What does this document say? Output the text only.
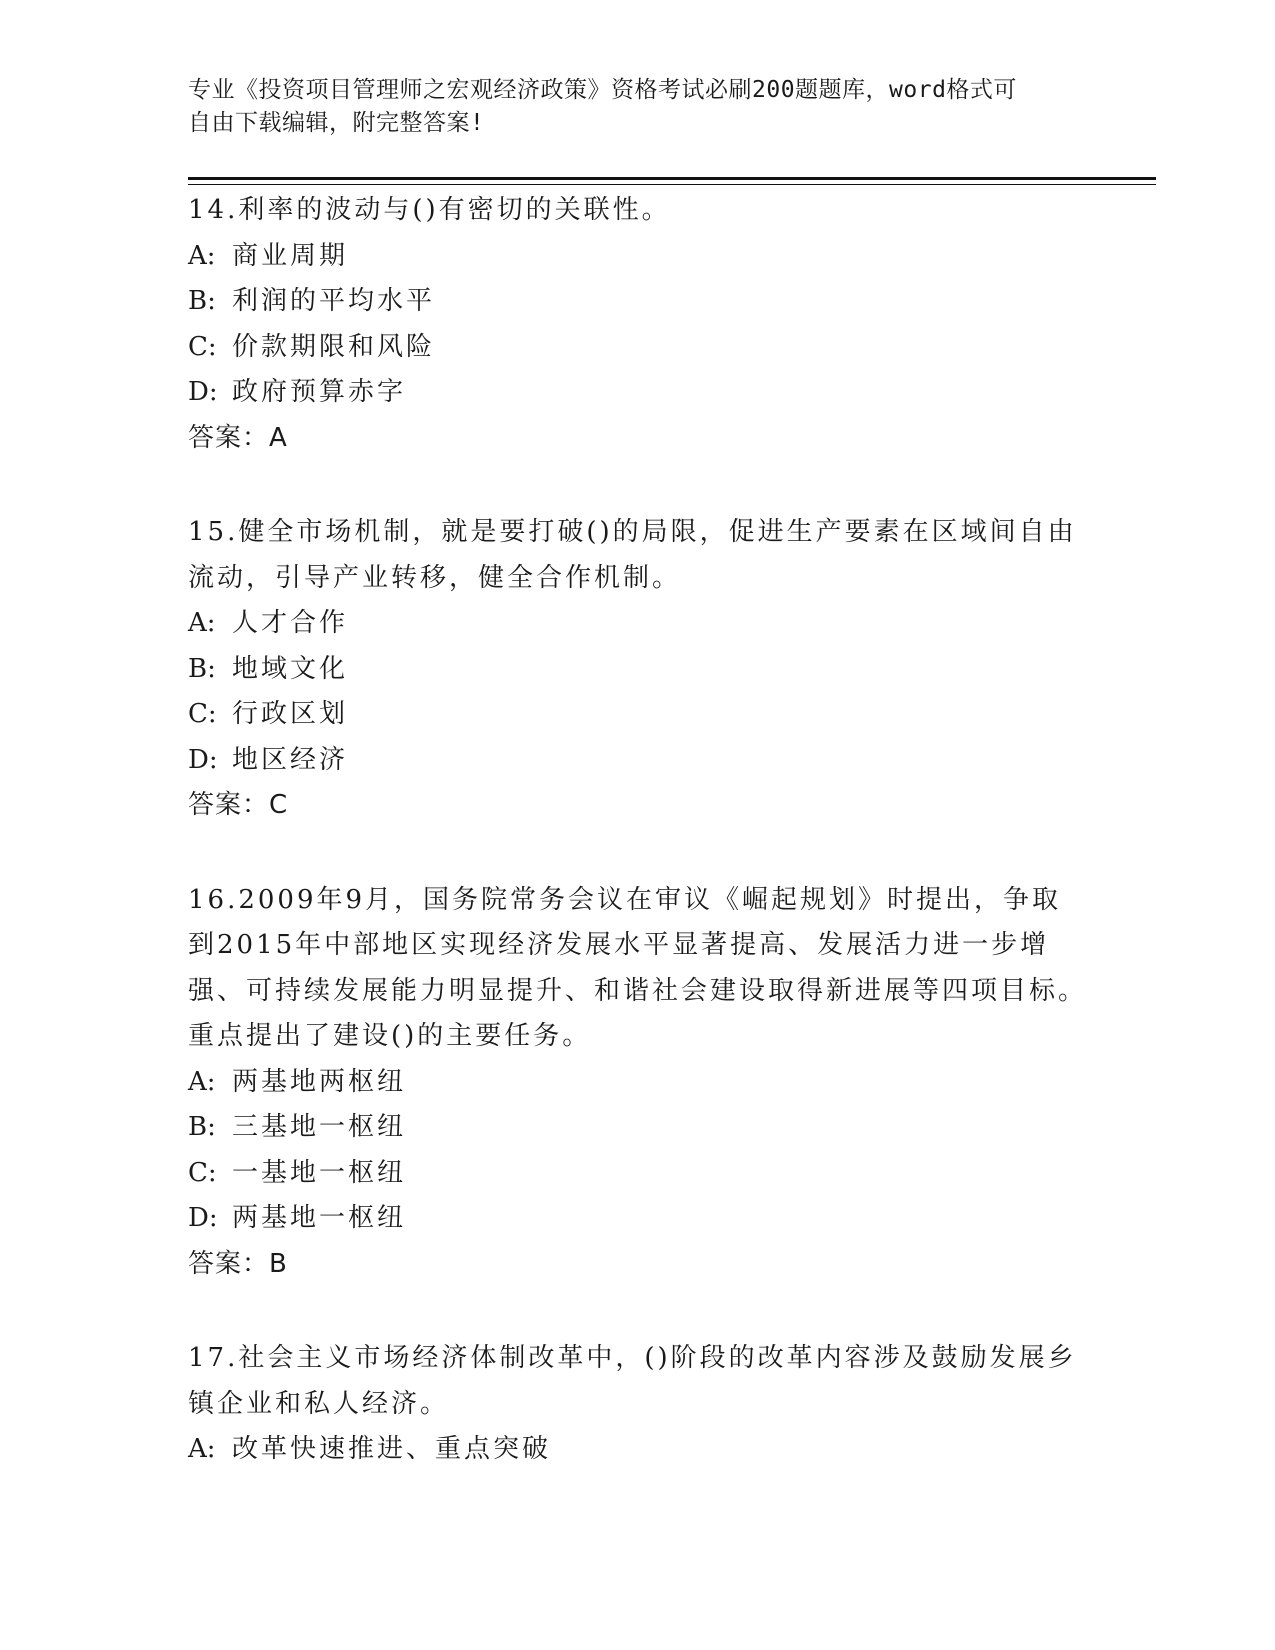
专业《投资项目管理师之宏观经济政策》资格考试必刷200题题库，word格式可
自由下载编辑，附完整答案!
14.利率的波动与()有密切的关联性。
A: 商业周期
B: 利润的平均水平
C: 价款期限和风险
D: 政府预算赤字
答案：A
15.健全市场机制，就是要打破()的局限，促进生产要素在区域间自由流动，引导产业转移，健全合作机制。
A: 人才合作
B: 地域文化
C: 行政区划
D: 地区经济
答案：C
16.2009年9月，国务院常务会议在审议《崛起规划》时提出，争取到2015年中部地区实现经济发展水平显著提高、发展活力进一步增强、可持续发展能力明显提升、和谐社会建设取得新进展等四项目标。重点提出了建设()的主要任务。
A: 两基地两枢纽
B: 三基地一枢纽
C: 一基地一枢纽
D: 两基地一枢纽
答案：B
17.社会主义市场经济体制改革中，()阶段的改革内容涉及鼓励发展乡镇企业和私人经济。
A: 改革快速推进、重点突破
